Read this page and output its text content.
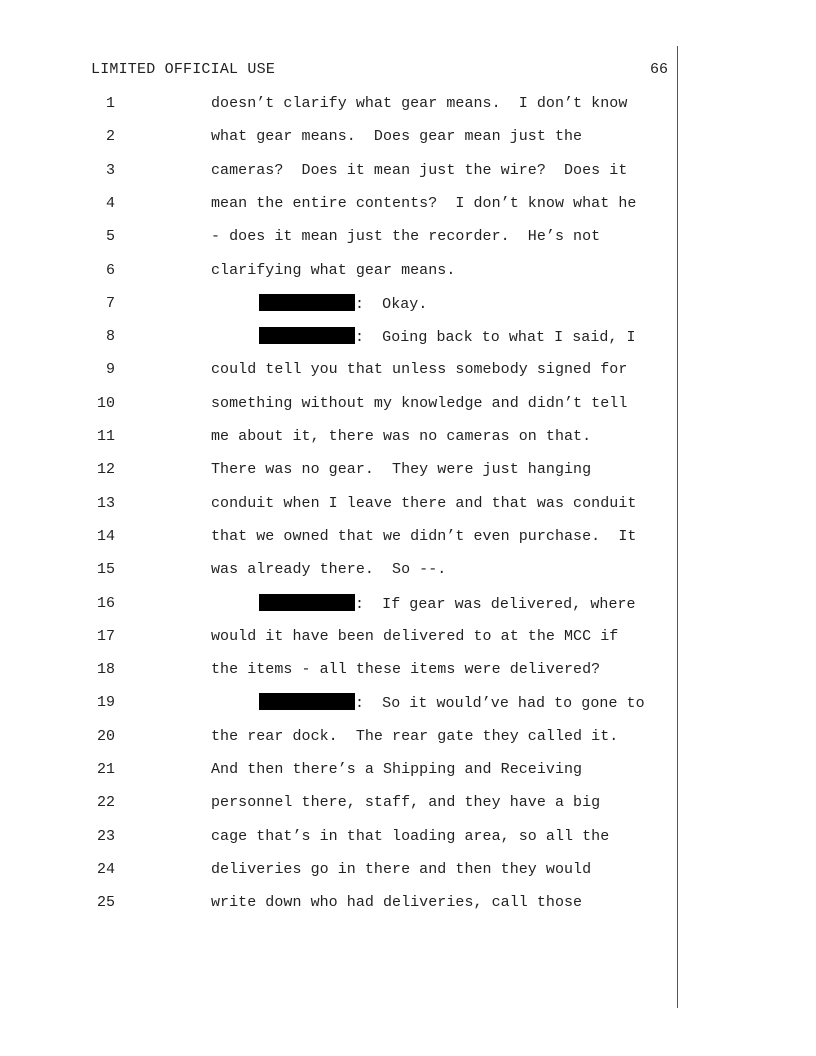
LIMITED OFFICIAL USE	66
1	doesn’t clarify what gear means.  I don’t know
2	what gear means.  Does gear mean just the
3	cameras?  Does it mean just the wire?  Does it
4	mean the entire contents?  I don’t know what he
5	- does it mean just the recorder.  He’s not
6	clarifying what gear means.
7	:  Okay.
8	:  Going back to what I said, I
9	could tell you that unless somebody signed for
10	something without my knowledge and didn’t tell
11	me about it, there was no cameras on that.
12	There was no gear.  They were just hanging
13	conduit when I leave there and that was conduit
14	that we owned that we didn’t even purchase.  It
15	was already there.  So --.
16	:  If gear was delivered, where
17	would it have been delivered to at the MCC if
18	the items - all these items were delivered?
19	:  So it would’ve had to gone to
20	the rear dock.  The rear gate they called it.
21	And then there’s a Shipping and Receiving
22	personnel there, staff, and they have a big
23	cage that’s in that loading area, so all the
24	deliveries go in there and then they would
25	write down who had deliveries, call those
